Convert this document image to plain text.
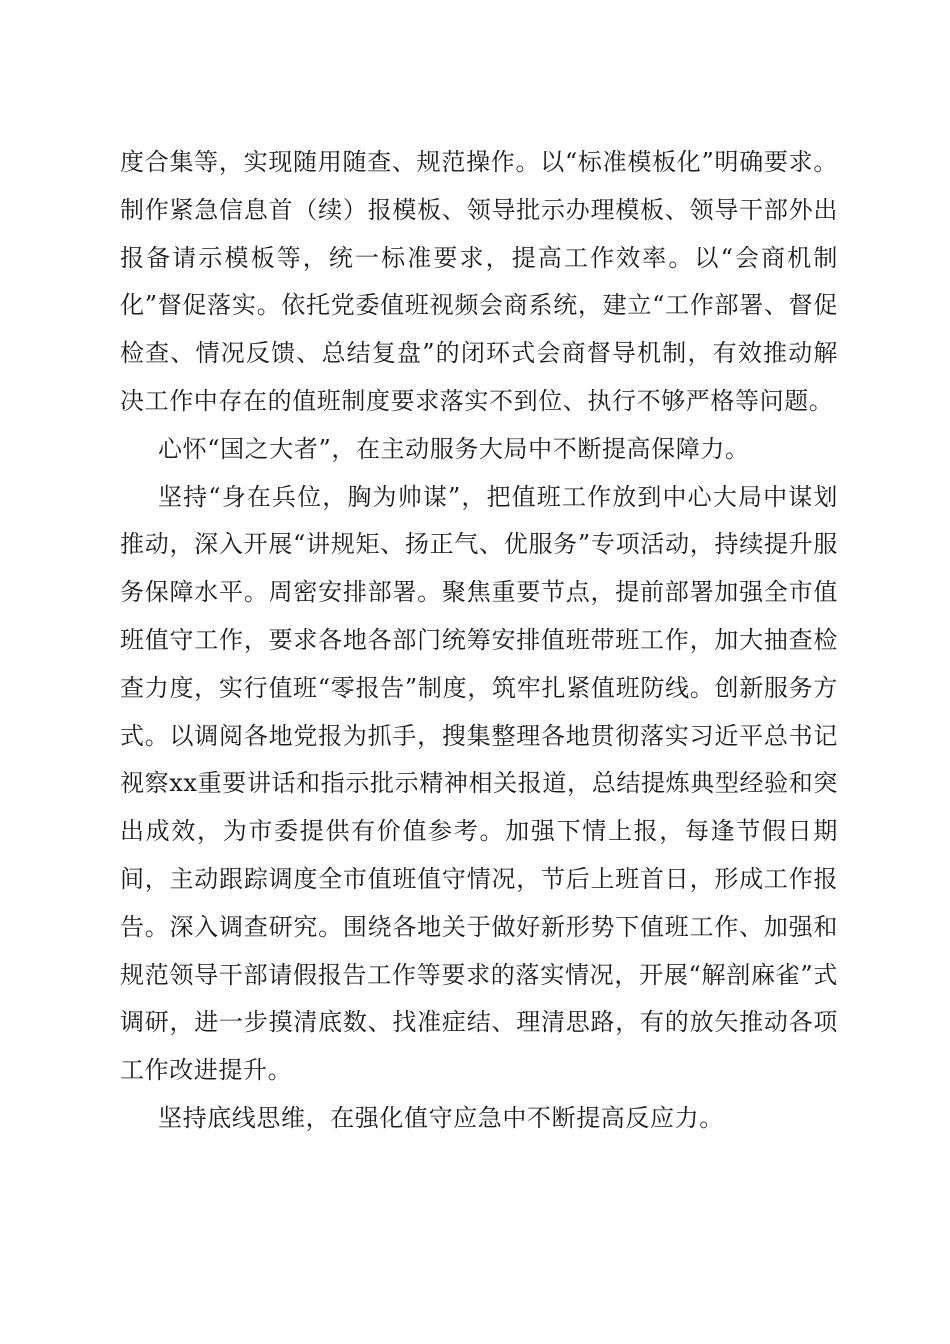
度合集等，实现随用随查、规范操作。以“标准模板化”明确要求。制作紧急信息首（续）报模板、领导批示办理模板、领导干部外出报备请示模板等，统一标准要求，提高工作效率。以“会商机制化”督促落实。依托党委值班视频会商系统，建立“工作部署、督促检查、情况反馈、总结复盘”的闭环式会商督导机制，有效推动解决工作中存在的值班制度要求落实不到位、执行不够严格等问题。

心怀“国之大者”，在主动服务大局中不断提高保障力。

坚持“身在兵位，胸为帅谋”，把值班工作放到中心大局中谋划推动，深入开展“讲规矩、扬正气、优服务”专项活动，持续提升服务保障水平。周密安排部署。聚焦重要节点，提前部署加强全市值班值守工作，要求各地各部门统筹安排值班带班工作，加大抽查检查力度，实行值班“零报告”制度，筑牢扎紧值班防线。创新服务方式。以调阅各地党报为抓手，搜集整理各地贯彻落实习近平总书记视察xx重要讲话和指示批示精神相关报道，总结提炼典型经验和突出成效，为市委提供有价值参考。加强下情上报，每逢节假日期间，主动跟踪调度全市值班值守情况，节后上班首日，形成工作报告。深入调查研究。围绕各地关于做好新形势下值班工作、加强和规范领导干部请假报告工作等要求的落实情况，开展“解剖麻雀”式调研，进一步摸清底数、找准症结、理清思路，有的放矢推动各项工作改进提升。

坚持底线思维，在强化值守应急中不断提高反应力。
